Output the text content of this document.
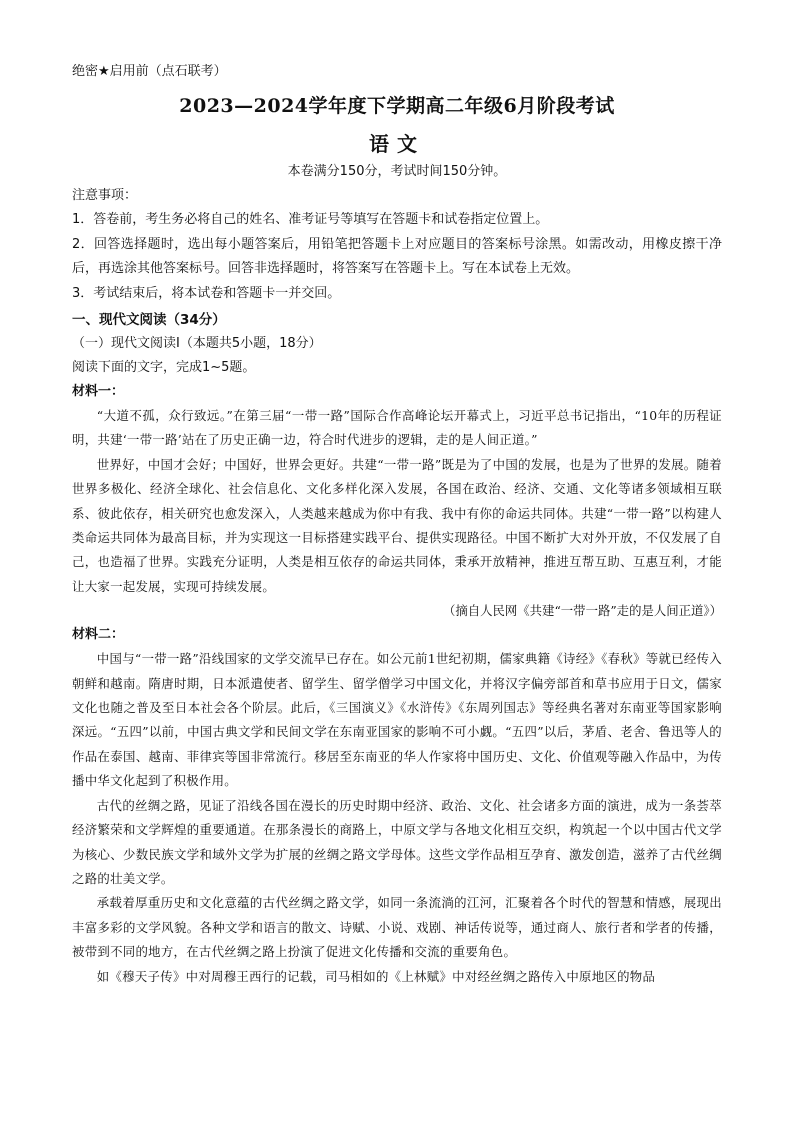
绝密★启用前（点石联考）

2023—2024学年度下学期高二年级6月阶段考试
语文

本卷满分150分，考试时间150分钟。

注意事项：

1．答卷前，考生务必将自己的姓名、准考证号等填写在答题卡和试卷指定位置上。

2．回答选择题时，选出每小题答案后，用铅笔把答题卡上对应题目的答案标号涂黑。如需改动，用橡皮擦干净后，再选涂其他答案标号。回答非选择题时，将答案写在答题卡上。写在本试卷上无效。

3．考试结束后，将本试卷和答题卡一并交回。

一、现代文阅读（34分）

（一）现代文阅读Ⅰ（本题共5小题，18分）

阅读下面的文字，完成1~5题。

材料一：

“大道不孤，众行致远。”在第三届“一带一路”国际合作高峰论坛开幕式上，习近平总书记指出，“10年的历程证明，共建‘一带一路’站在了历史正确一边，符合时代进步的逻辑，走的是人间正道。”

世界好，中国才会好；中国好，世界会更好。共建“一带一路”既是为了中国的发展，也是为了世界的发展。随着世界多极化、经济全球化、社会信息化、文化多样化深入发展，各国在政治、经济、交通、文化等诸多领域相互联系、彼此依存，相关研究也愈发深入，人类越来越成为你中有我、我中有你的命运共同体。共建“一带一路”以构建人类命运共同体为最高目标，并为实现这一目标搭建实践平台、提供实现路径。中国不断扩大对外开放，不仅发展了自己，也造福了世界。实践充分证明，人类是相互依存的命运共同体，秉承开放精神，推进互帮互助、互惠互利，才能让大家一起发展，实现可持续发展。

（摘自人民网《共建“一带一路”走的是人间正道》）

材料二：

中国与“一带一路”沿线国家的文学交流早已存在。如公元前1世纪初期，儒家典籍《诗经》《春秋》等就已经传入朝鲜和越南。隋唐时期，日本派遣使者、留学生、留学僧学习中国文化，并将汉字偏旁部首和草书应用于日文，儒家文化也随之普及至日本社会各个阶层。此后，《三国演义》《水浒传》《东周列国志》等经典名著对东南亚等国家影响深远。“五四”以前，中国古典文学和民间文学在东南亚国家的影响不可小觑。“五四”以后，茅盾、老舍、鲁迅等人的作品在泰国、越南、菲律宾等国非常流行。移居至东南亚的华人作家将中国历史、文化、价值观等融入作品中，为传播中华文化起到了积极作用。

古代的丝绸之路，见证了沿线各国在漫长的历史时期中经济、政治、文化、社会诸多方面的演进，成为一条荟萃经济繁荣和文学辉煌的重要通道。在那条漫长的商路上，中原文学与各地文化相互交织，构筑起一个以中国古代文学为核心、少数民族文学和域外文学为扩展的丝绸之路文学母体。这些文学作品相互孕育、激发创造，滋养了古代丝绸之路的壮美文学。

承载着厚重历史和文化意蕴的古代丝绸之路文学，如同一条流淌的江河，汇聚着各个时代的智慧和情感，展现出丰富多彩的文学风貌。各种文学和语言的散文、诗赋、小说、戏剧、神话传说等，通过商人、旅行者和学者的传播，被带到不同的地方，在古代丝绸之路上扮演了促进文化传播和交流的重要角色。

如《穆天子传》中对周穆王西行的记载，司马相如的《上林赋》中对经丝绸之路传入中原地区的物品
